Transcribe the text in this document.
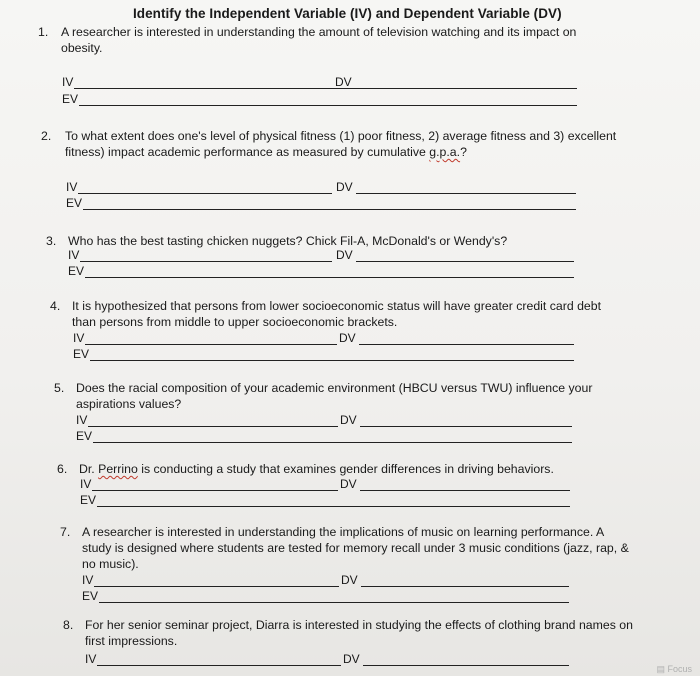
Identify the Independent Variable (IV) and Dependent Variable (DV)
1. A researcher is interested in understanding the amount of television watching and its impact on
obesity.
IV	DV
EV
2. To what extent does one's level of physical fitness (1) poor fitness, 2) average fitness and 3) excellent
fitness) impact academic performance as measured by cumulative g.p.a.?
IV	DV
EV
3. Who has the best tasting chicken nuggets? Chick Fil-A, McDonald's or Wendy's?
IV	DV
EV
4. It is hypothesized that persons from lower socioeconomic status will have greater credit card debt
than persons from middle to upper socioeconomic brackets.
IV	DV
EV
5. Does the racial composition of your academic environment (HBCU versus TWU) influence your
aspirations values?
IV	DV
EV
6. Dr. Perrino is conducting a study that examines gender differences in driving behaviors.
IV	DV
EV
7. A researcher is interested in understanding the implications of music on learning performance. A
study is designed where students are tested for memory recall under 3 music conditions (jazz, rap, &
no music).
IV	DV
EV
8. For her senior seminar project, Diarra is interested in studying the effects of clothing brand names on
first impressions.
IV	DV
▤ Focus
